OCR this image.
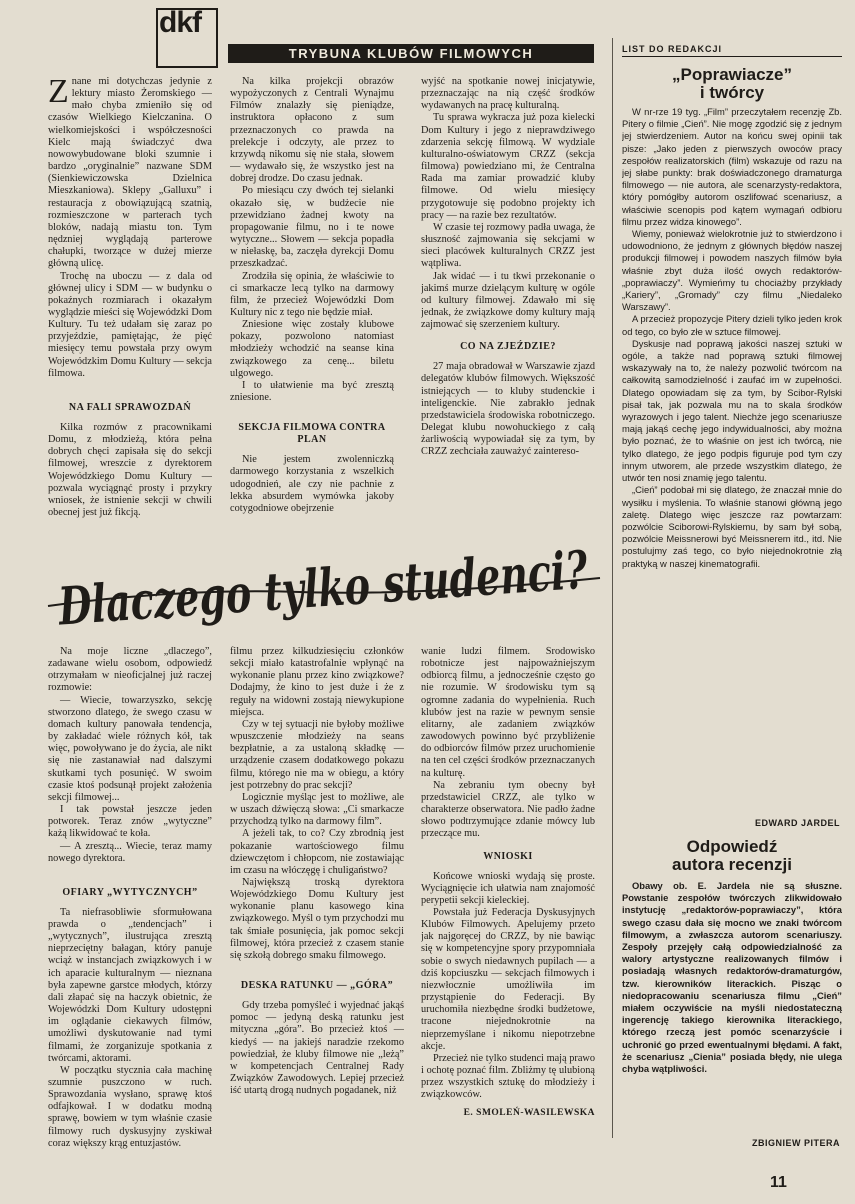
dkf
TRYBUNA KLUBÓW FILMOWYCH

Znane mi dotychczas jedynie z lektury miasto Żeromskiego — mało chyba zmieniło się od czasów Wielkiego Kielczanina. O wielkomiejskości i współczesności Kielc mają świadczyć dwa nowowybudowane bloki szumnie i bardzo „oryginalnie” nazwane SDM (Sienkiewiczowska Dzielnica Mieszkaniowa). Sklepy „Galluxu” i restauracja z obowiązującą szatnią, rozmieszczone w parterach tych bloków, nadają miastu ton. Tym nędzniej wyglądają parterowe chałupki, tworzące w dużej mierze główną ulicę.

Trochę na uboczu — z dala od głównej ulicy i SDM — w budynku o pokaźnych rozmiarach i okazałym wyglądzie mieści się Wojewódzki Dom Kultury. Tu też udałam się zaraz po przyjeździe, pamiętając, że pięć miesięcy temu powstała przy owym Wojewódzkim Domu Kultury — sekcja filmowa.

NA FALI SPRAWOZDAŃ

Kilka rozmów z pracownikami Domu, z młodzieżą, która pełna dobrych chęci zapisała się do sekcji filmowej, wreszcie z dyrektorem Wojewódzkiego Domu Kultury — pozwala wyciągnąć prosty i przykry wniosek, że istnienie sekcji w chwili obecnej jest już fikcją.

Na kilka projekcji obrazów wypożyczonych z Centrali Wynajmu Filmów znalazły się pieniądze, instruktora opłacono z sum przeznaczonych co prawda na prelekcje i odczyty, ale przez to krzywdą nikomu się nie stała, słowem — wydawało się, że wszystko jest na dobrej drodze. Do czasu jednak.

Po miesiącu czy dwóch tej sielanki okazało się, w budżecie nie przewidziano żadnej kwoty na propagowanie filmu, no i te nowe wytyczne... Słowem — sekcja popadła w niełaskę, ba, zaczęła dyrekcji Domu przeszkadzać.

Zrodziła się opinia, że właściwie to ci smarkacze lecą tylko na darmowy film, że przecież Wojewódzki Dom Kultury nic z tego nie będzie miał.

Zniesione więc zostały klubowe pokazy, pozwolono natomiast młodzieży wchodzić na seanse kina związkowego za cenę... biletu ulgowego.

I to ułatwienie ma być zresztą zniesione.

SEKCJA FILMOWA CONTRA PLAN

Nie jestem zwolenniczką darmowego korzystania z wszelkich udogodnień, ale czy nie pachnie z lekka absurdem wymówka jakoby cotygodniowe obejrzenie

wyjść na spotkanie nowej inicjatywie, przeznaczając na nią część środków wydawanych na pracę kulturalną.

Tu sprawa wykracza już poza kielecki Dom Kultury i jego z nieprawdziwego zdarzenia sekcję filmową. W wydziale kulturalno-oświatowym CRZZ (sekcja filmowa) powiedziano mi, że Centralna Rada ma zamiar prowadzić kluby filmowe. Od wielu miesięcy przygotowuje się podobno projekty ich pracy — na razie bez rezultatów.

W czasie tej rozmowy padła uwaga, że słuszność zajmowania się sekcjami w sieci placówek kulturalnych CRZZ jest wątpliwa.

Jak widać — i tu tkwi przekonanie o jakimś murze dzielącym kulturę w ogóle od kultury filmowej. Zdawało mi się jednak, że związkowe domy kultury mają zajmować się szerzeniem kultury.

CO NA ZJEŹDZIE?

27 maja obradował w Warszawie zjazd delegatów klubów filmowych. Większość istniejących — to kluby studenckie i inteligenckie. Nie zabrakło jednak przedstawiciela środowiska robotniczego. Delegat klubu nowohuckiego z całą żarliwością wypowiadał się za tym, by CRZZ zechciała zauważyć zaintereso-

Dlaczego tylko studenci?

Na moje liczne „dlaczego”, zadawane wielu osobom, odpowiedź otrzymałam w nieoficjalnej już raczej rozmowie:

— Wiecie, towarzyszko, sekcję stworzono dlatego, że swego czasu w domach kultury panowała tendencja, by zakładać wiele różnych kół, tak więc, powoływano je do życia, ale nikt się nie zastanawiał nad dalszymi skutkami tych posunięć. W swoim czasie ktoś podsunął projekt założenia sekcji filmowej...

I tak powstał jeszcze jeden potworek. Teraz znów „wytyczne” każą likwidować te koła.

— A zresztą... Wiecie, teraz mamy nowego dyrektora.

OFIARY „WYTYCZNYCH”

Ta niefrasobliwie sformułowana prawda o „tendencjach” i „wytycznych”, ilustrująca zresztą nieprzeciętny bałagan, który panuje wciąż w instancjach związkowych i w ich aparacie kulturalnym — nieznana była zapewne garstce młodych, którzy dali złapać się na haczyk obietnic, że Wojewódzki Dom Kultury udostępni im oglądanie ciekawych filmów, umożliwi dyskutowanie nad tymi filmami, że zorganizuje spotkania z twórcami, aktorami.

W początku stycznia cała machinę szumnie puszczono w ruch. Sprawozdania wysłano, sprawę ktoś odfajkował. I w dodatku modną sprawę, bowiem w tym właśnie czasie filmowy ruch dyskusyjny zyskiwał coraz większy krąg entuzjastów.

filmu przez kilkudziesięciu członków sekcji miało katastrofalnie wpłynąć na wykonanie planu przez kino związkowe? Dodajmy, że kino to jest duże i że z reguły na widowni zostają niewykupione miejsca.

Czy w tej sytuacji nie byłoby możliwe wpuszczenie młodzieży na seans bezpłatnie, a za ustaloną składkę — urządzenie czasem dodatkowego pokazu filmu, którego nie ma w obiegu, a który jest potrzebny do prac sekcji?

Logicznie myśląc jest to możliwe, ale w uszach dźwięczą słowa: „Ci smarkacze przychodzą tylko na darmowy film”.

A jeżeli tak, to co? Czy zbrodnią jest pokazanie wartościowego filmu dziewczętom i chłopcom, nie zostawiając im czasu na włóczęgę i chuligaństwo?

Największą troską dyrektora Wojewódzkiego Domu Kultury jest wykonanie planu kasowego kina związkowego. Myśl o tym przychodzi mu tak śmiałe posunięcia, jak pomoc sekcji filmowej, która przecież z czasem stanie się szkołą dobrego smaku filmowego.

DESKA RATUNKU — „GÓRA”

Gdy trzeba pomyśleć i wyjednać jakąś pomoc — jedyną deską ratunku jest mityczna „góra”. Bo przecież ktoś — kiedyś — na jakiejś naradzie rzekomo powiedział, że kluby filmowe nie „leżą” w kompetencjach Centralnej Rady Związków Zawodowych. Lepiej przecież iść utartą drogą nudnych pogadanek, niż

wanie ludzi filmem. Środowisko robotnicze jest najpoważniejszym odbiorcą filmu, a jednocześnie często go nie rozumie. W środowisku tym są ogromne zadania do wypełnienia. Ruch klubów jest na razie w pewnym sensie elitarny, ale zadaniem związków zawodowych powinno być przybliżenie do odbiorców filmów przez uruchomienie na ten cel części środków przeznaczanych na kulturę.

Na zebraniu tym obecny był przedstawiciel CRZZ, ale tylko w charakterze obserwatora. Nie padło żadne słowo podtrzymujące zdanie mówcy lub przeczące mu.

WNIOSKI

Końcowe wnioski wydają się proste. Wyciągnięcie ich ułatwia nam znajomość perypetii sekcji kieleckiej.

Powstała już Federacja Dyskusyjnych Klubów Filmowych. Apelujemy przeto jak najgoręcej do CRZZ, by nie bawiąc się w kompetencyjne spory przypomniała sobie o swych niedawnych pupilach — a dziś kopciuszku — sekcjach filmowych i niezwłocznie umożliwiła im przystąpienie do Federacji. By uruchomiła niezbędne środki budżetowe, tracone niejednokrotnie na nieprzemyślane i nikomu niepotrzebne akcje.

Przecież nie tylko studenci mają prawo i ochotę poznać film. Zbliżmy tę ulubioną przez wszystkich sztukę do młodzieży i związkowców.

E. SMOLEŃ-WASILEWSKA
LIST DO REDAKCJI
„Poprawiacze”
i twórcy

W nr-rze 19 tyg. „Film” przeczytałem recenzję Zb. Pitery o filmie „Cień”. Nie mogę zgodzić się z jednym jej stwierdzeniem. Autor na końcu swej opinii tak pisze: „Jako jeden z pierwszych owoców pracy zespołów realizatorskich (film) wskazuje od razu na jej słabe punkty: brak doświadczonego dramaturga filmowego — nie autora, ale scenarzysty-redaktora, który pomógłby autorom oszlifować scenariusz, a właściwie scenopis pod kątem wymagań odbioru filmu przez widza kinowego”.

Wiemy, ponieważ wielokrotnie już to stwierdzono i udowodniono, że jednym z głównych błędów naszej produkcji filmowej i powodem naszych filmów była właśnie zbyt duża ilość owych redaktorów-„poprawiaczy”. Wymieńmy tu chociażby przykłady „Kariery”, „Gromady” czy filmu „Niedaleko Warszawy”.

A przecież propozycje Pitery dzieli tylko jeden krok od tego, co było złe w sztuce filmowej.

Dyskusje nad poprawą jakości naszej sztuki w ogóle, a także nad poprawą sztuki filmowej wskazywały na to, że należy pozwolić twórcom na całkowitą samodzielność i zaufać im w zupełności. Dlatego opowiadam się za tym, by Scibor-Rylski pisał tak, jak pozwala mu na to skala środków wyrazowych i jego talent. Niechże jego scenariusze mają jakąś cechę jego indywidualności, aby można było poznać, że to właśnie on jest ich twórcą, nie tylko dlatego, że jego podpis figuruje pod tym czy innym utworem, ale przede wszystkim dlatego, że utwór ten nosi znamię jego talentu.

„Cień” podobał mi się dlatego, że znaczał mnie do wysiłku i myślenia. To właśnie stanowi główną jego zaletę. Dlatego więc jeszcze raz powtarzam: pozwólcie Sciborowi-Rylskiemu, by sam był sobą, pozwólcie Meissnerowi być Meissnerem itd., itd. Nie postulujmy zaś tego, co było niejednokrotnie złą praktyką w naszej kinematografii.

EDWARD JARDEL
Odpowiedź
autora recenzji

Obawy ob. E. Jardela nie są słuszne. Powstanie zespołów twórczych zlikwidowało instytucję „redaktorów-poprawiaczy”, która swego czasu dała się mocno we znaki twórcom filmowym, a zwłaszcza autorom scenariuszy. Zespoły przejęły całą odpowiedzialność za walory artystyczne realizowanych filmów i posiadają własnych redaktorów-dramaturgów, tzw. kierowników literackich. Pisząc o niedopracowaniu scenariusza filmu „Cień” miałem oczywiście na myśli niedostateczną ingerencję takiego kierownika literackiego, którego rzeczą jest pomóc scenarzyście i uchronić go przed ewentualnymi błędami. A fakt, że scenariusz „Cienia” posiada błędy, nie ulega chyba wątpliwości.

ZBIGNIEW PITERA
11
